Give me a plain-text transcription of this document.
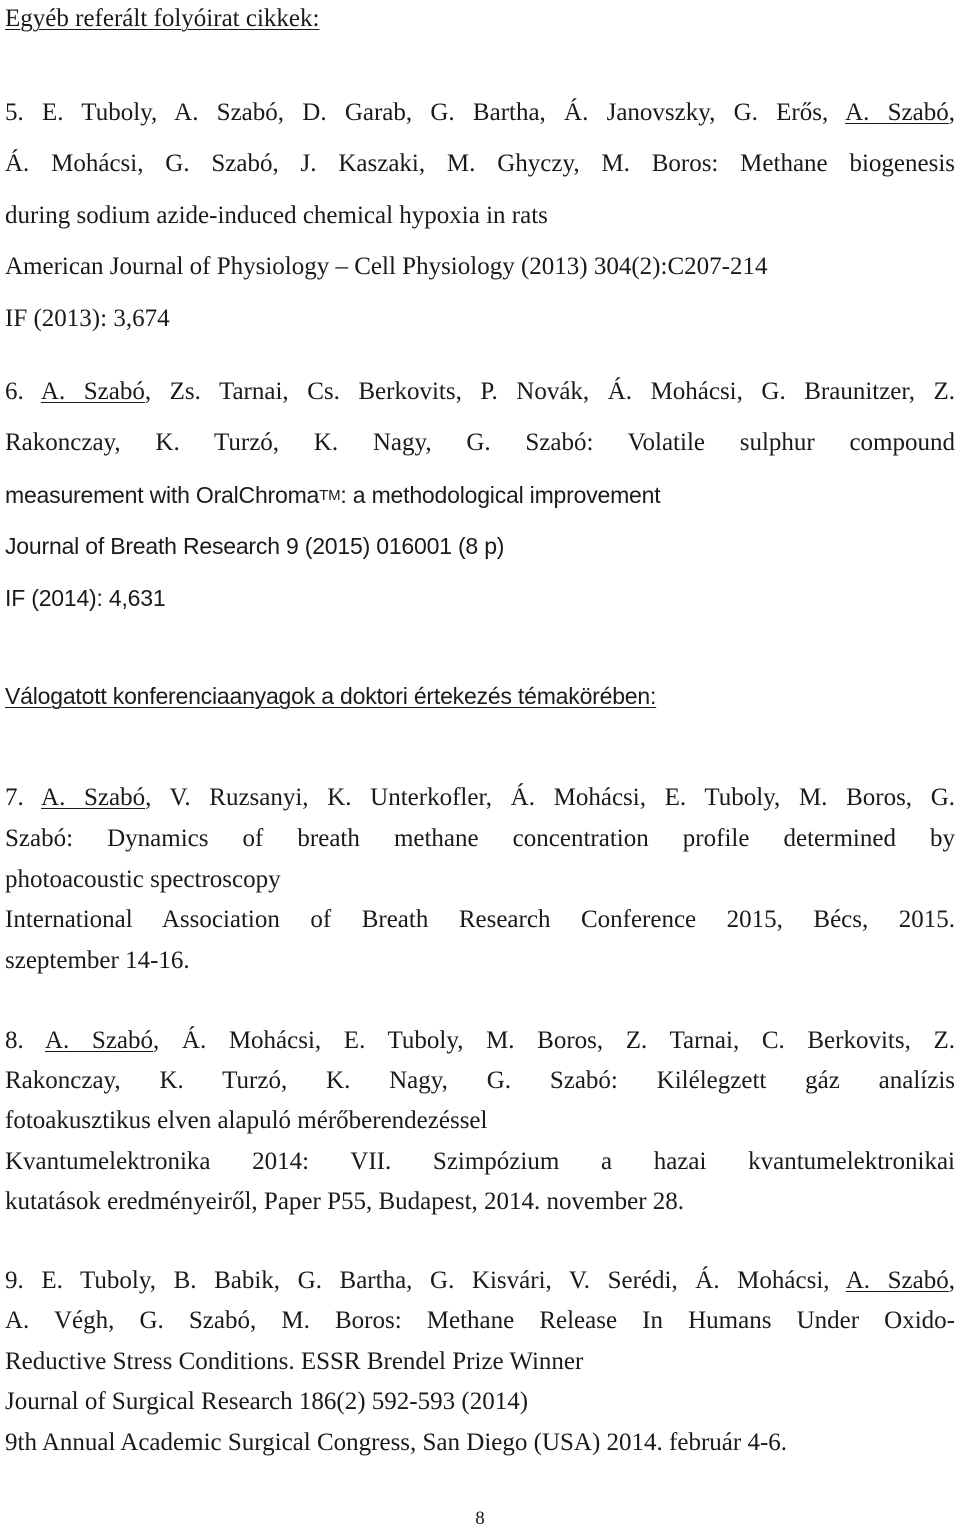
Egyéb referált folyóirat cikkek:
5. E. Tuboly, A. Szabó, D. Garab, G. Bartha, Á. Janovszky, G. Erős, A. Szabó,
Á. Mohácsi, G. Szabó, J. Kaszaki, M. Ghyczy, M. Boros: Methane biogenesis
during sodium azide-induced chemical hypoxia in rats
American Journal of Physiology – Cell Physiology (2013) 304(2):C207-214
IF (2013): 3,674
6. A. Szabó, Zs. Tarnai, Cs. Berkovits, P. Novák, Á. Mohácsi, G. Braunitzer, Z.
Rakonczay, K. Turzó, K. Nagy, G. Szabó: Volatile sulphur compound
measurement with OralChroma™: a methodological improvement
Journal of Breath Research 9 (2015) 016001 (8 p)
IF (2014): 4,631
Válogatott konferenciaanyagok a doktori értekezés témakörében:
7. A. Szabó, V. Ruzsanyi, K. Unterkofler, Á. Mohácsi, E. Tuboly, M. Boros, G.
Szabó: Dynamics of breath methane concentration profile determined by
photoacoustic spectroscopy
International Association of Breath Research Conference 2015, Bécs, 2015.
szeptember 14-16.
8. A. Szabó, Á. Mohácsi, E. Tuboly, M. Boros, Z. Tarnai, C. Berkovits, Z.
Rakonczay, K. Turzó, K. Nagy, G. Szabó: Kilélegzett gáz analízis
fotoakusztikus elven alapuló mérőberendezéssel
Kvantumelektronika 2014: VII. Szimpózium a hazai kvantumelektronikai
kutatások eredményeiről, Paper P55, Budapest, 2014. november 28.
9. E. Tuboly, B. Babik, G. Bartha, G. Kisvári, V. Serédi, Á. Mohácsi, A. Szabó,
A. Végh, G. Szabó, M. Boros: Methane Release In Humans Under Oxido-
Reductive Stress Conditions. ESSR Brendel Prize Winner
Journal of Surgical Research 186(2) 592-593 (2014)
9th Annual Academic Surgical Congress, San Diego (USA) 2014. február 4-6.
8
